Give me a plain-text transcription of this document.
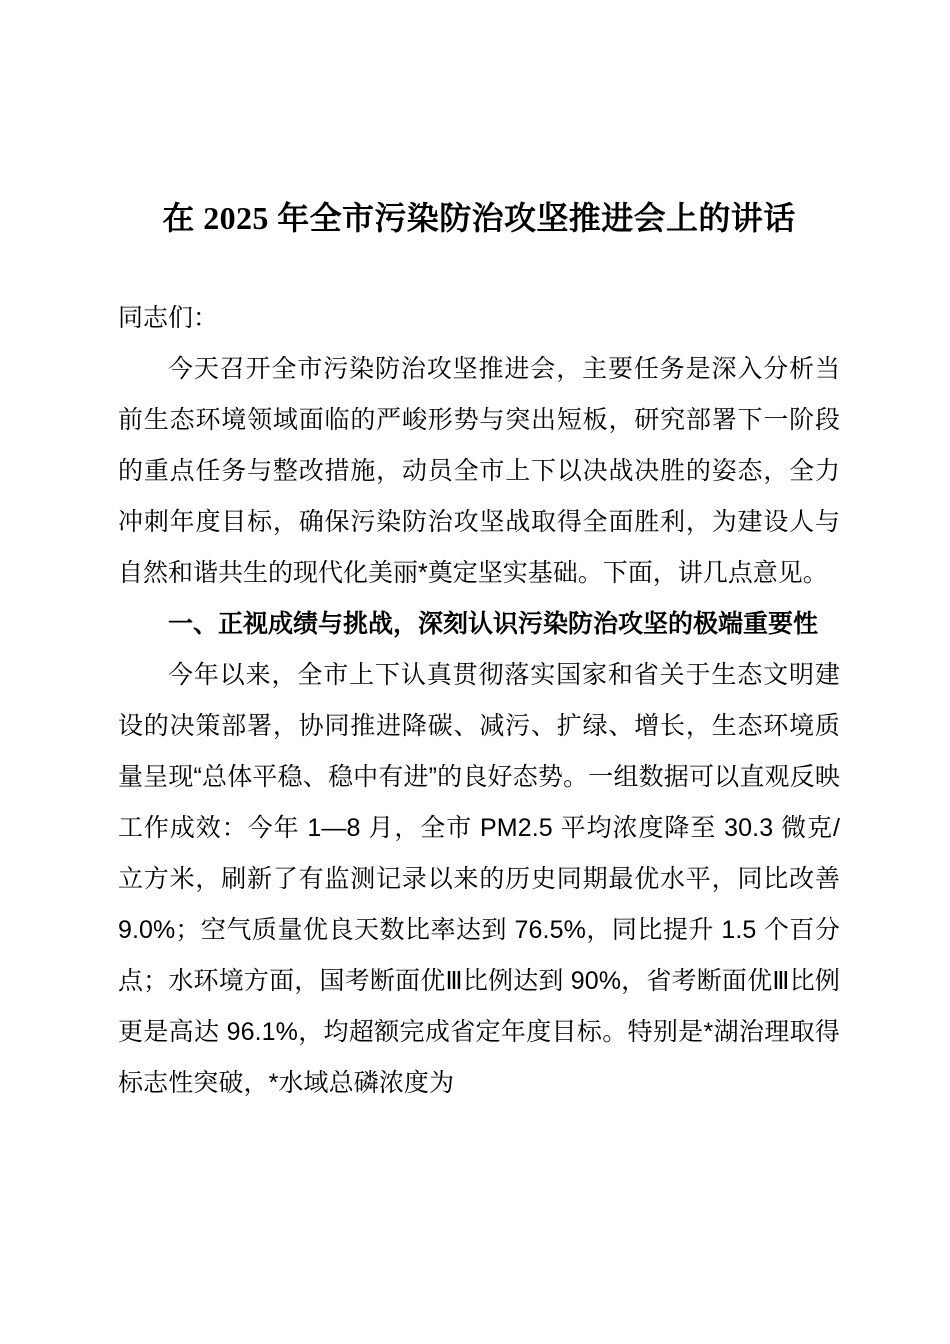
在 2025 年全市污染防治攻坚推进会上的讲话
同志们：

今天召开全市污染防治攻坚推进会，主要任务是深入分析当前生态环境领域面临的严峻形势与突出短板，研究部署下一阶段的重点任务与整改措施，动员全市上下以决战决胜的姿态，全力冲刺年度目标，确保污染防治攻坚战取得全面胜利，为建设人与自然和谐共生的现代化美丽*奠定坚实基础。下面，讲几点意见。

一、正视成绩与挑战，深刻认识污染防治攻坚的极端重要性

今年以来，全市上下认真贯彻落实国家和省关于生态文明建设的决策部署，协同推进降碳、减污、扩绿、增长，生态环境质量呈现“总体平稳、稳中有进”的良好态势。一组数据可以直观反映工作成效：今年 1—8 月，全市 PM2.5 平均浓度降至 30.3 微克/立方米，刷新了有监测记录以来的历史同期最优水平，同比改善 9.0%；空气质量优良天数比率达到 76.5%，同比提升 1.5 个百分点；水环境方面，国考断面优Ⅲ比例达到 90%，省考断面优Ⅲ比例更是高达 96.1%，均超额完成省定年度目标。特别是*湖治理取得标志性突破，*水域总磷浓度为
